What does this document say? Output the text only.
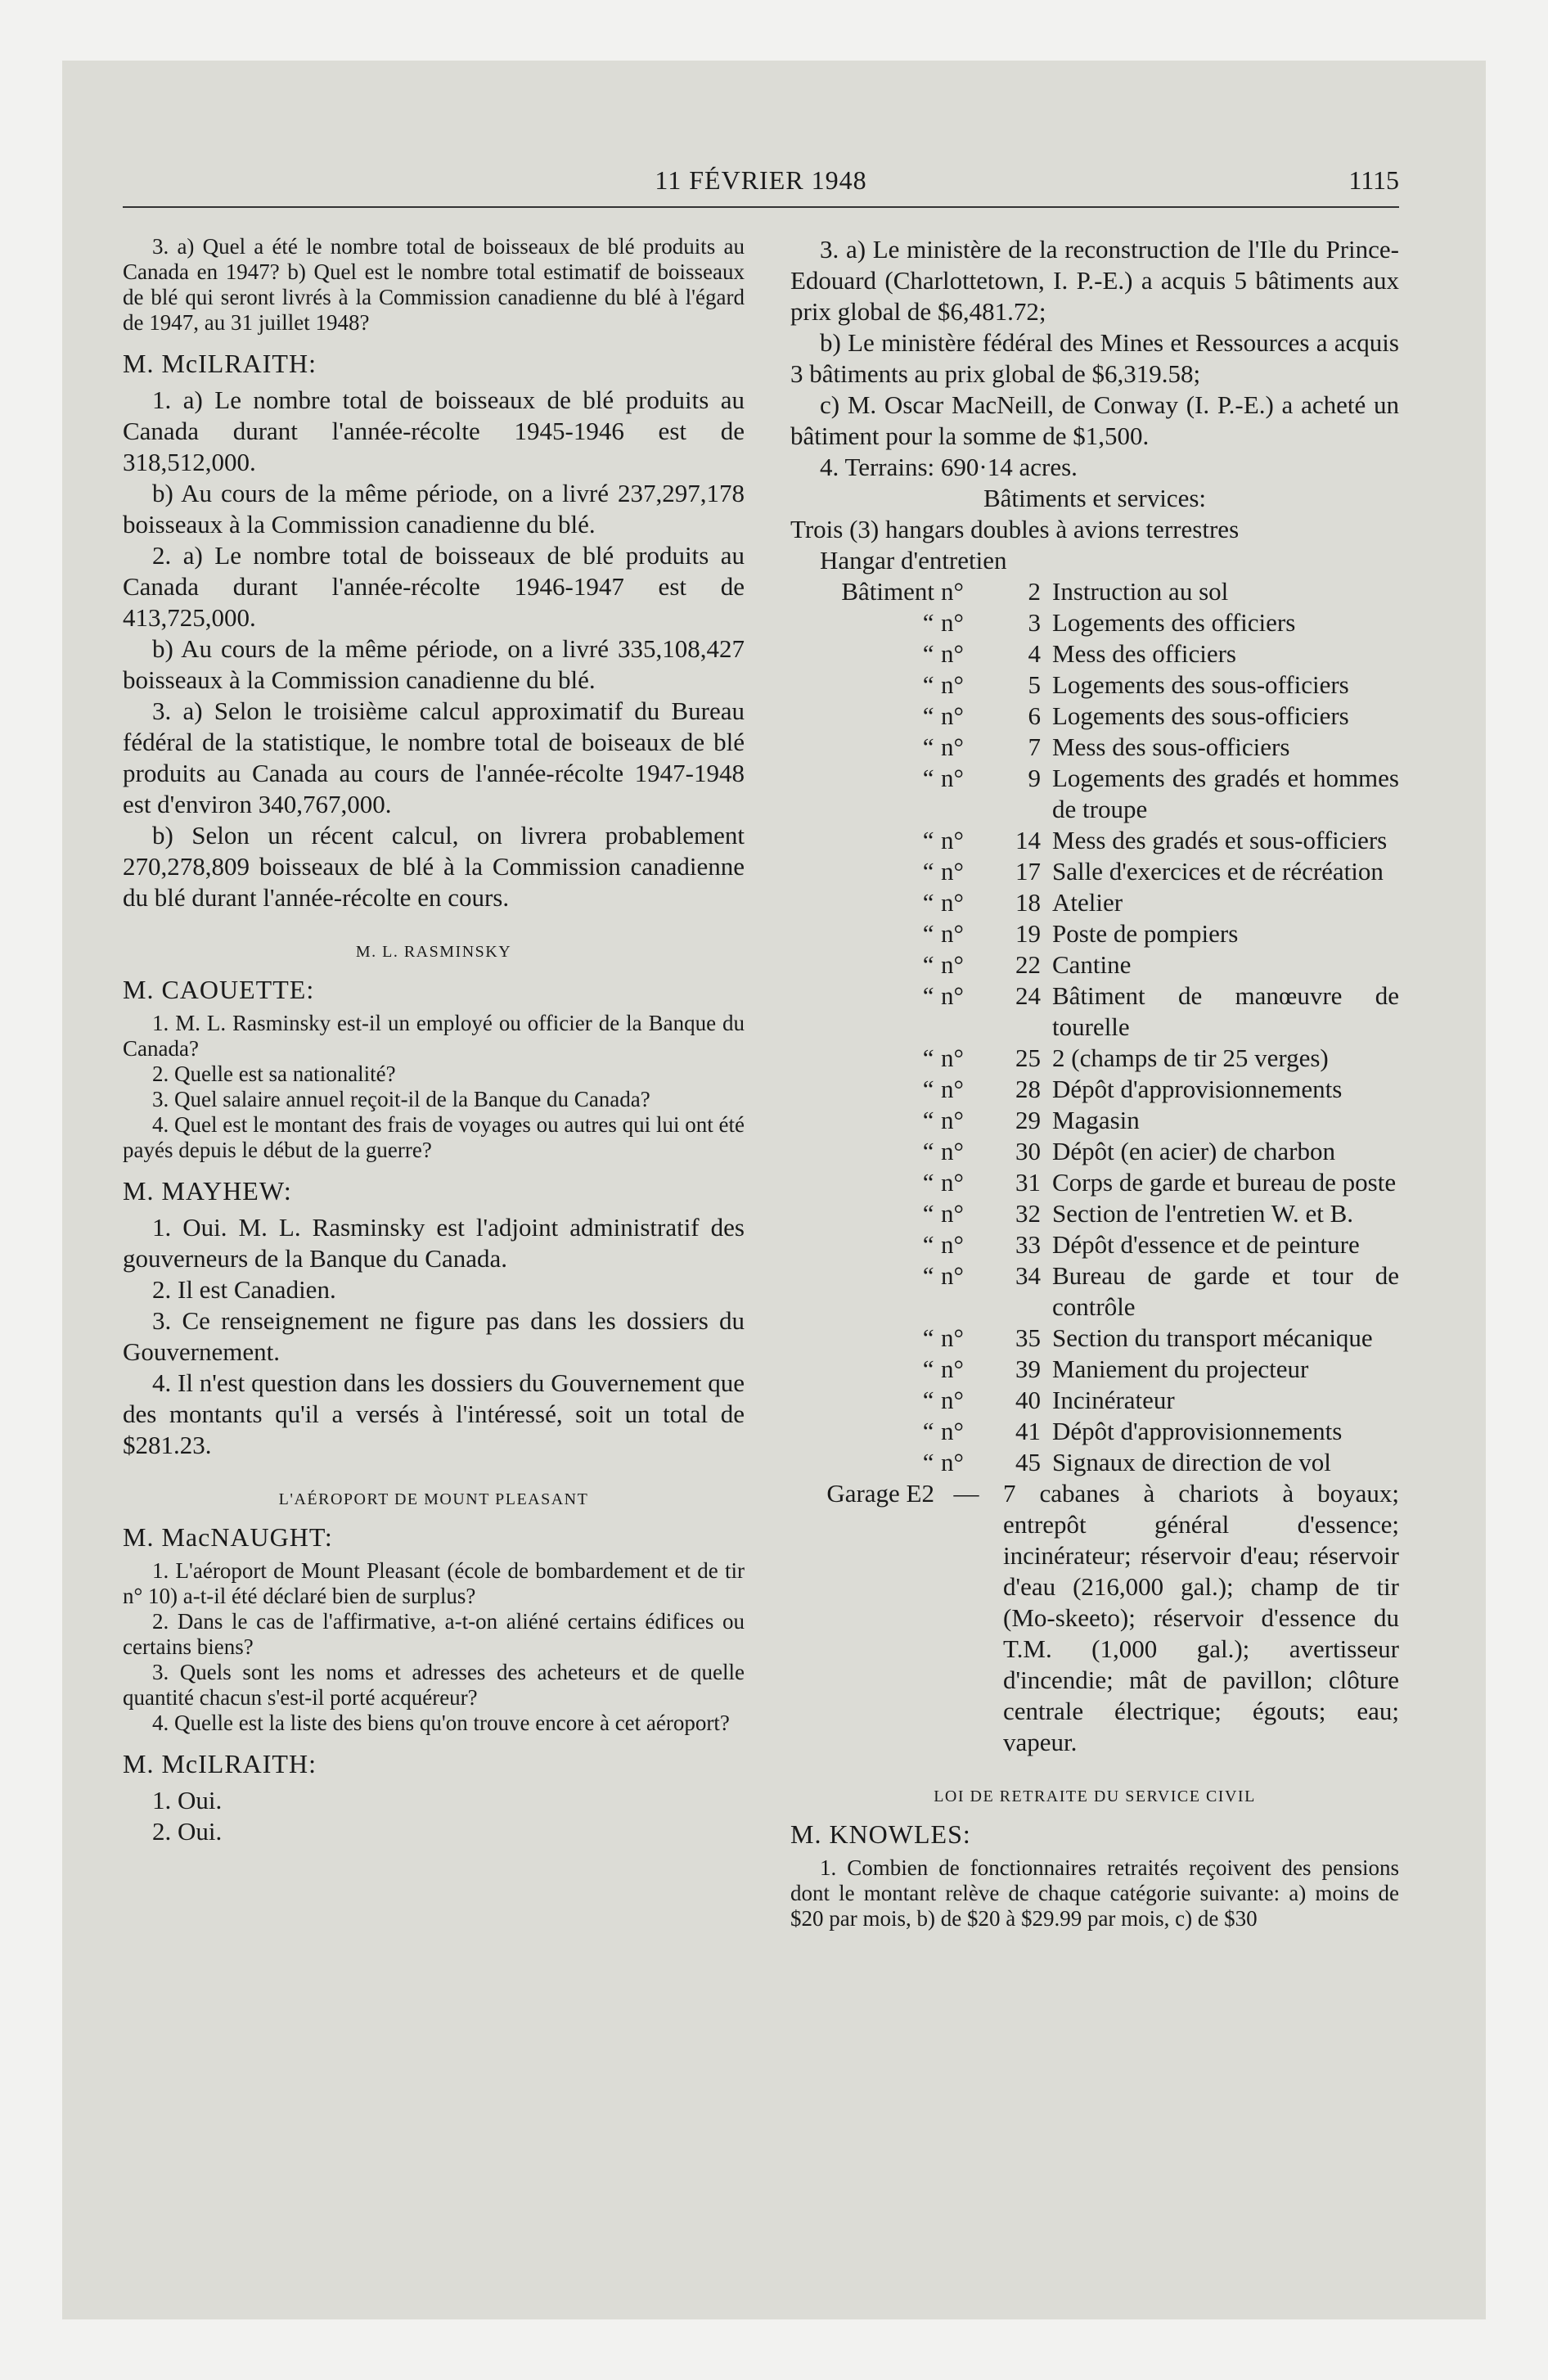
11 FÉVRIER 1948	1115

3. a) Quel a été le nombre total de boisseaux de blé produits au Canada en 1947? b) Quel est le nombre total estimatif de boisseaux de blé qui seront livrés à la Commission canadienne du blé à l'égard de 1947, au 31 juillet 1948?

M. McILRAITH:

1. a) Le nombre total de boisseaux de blé produits au Canada durant l'année-récolte 1945-1946 est de 318,512,000.

b) Au cours de la même période, on a livré 237,297,178 boisseaux à la Commission canadienne du blé.

2. a) Le nombre total de boisseaux de blé produits au Canada durant l'année-récolte 1946-1947 est de 413,725,000.

b) Au cours de la même période, on a livré 335,108,427 boisseaux à la Commission canadienne du blé.

3. a) Selon le troisième calcul approximatif du Bureau fédéral de la statistique, le nombre total de boiseaux de blé produits au Canada au cours de l'année-récolte 1947-1948 est d'environ 340,767,000.

b) Selon un récent calcul, on livrera probablement 270,278,809 boisseaux de blé à la Commission canadienne du blé durant l'année-récolte en cours.

M. L. RASMINSKY
M. CAOUETTE:

1. M. L. Rasminsky est-il un employé ou officier de la Banque du Canada?

2. Quelle est sa nationalité?

3. Quel salaire annuel reçoit-il de la Banque du Canada?

4. Quel est le montant des frais de voyages ou autres qui lui ont été payés depuis le début de la guerre?

M. MAYHEW:

1. Oui. M. L. Rasminsky est l'adjoint administratif des gouverneurs de la Banque du Canada.

2. Il est Canadien.

3. Ce renseignement ne figure pas dans les dossiers du Gouvernement.

4. Il n'est question dans les dossiers du Gouvernement que des montants qu'il a versés à l'intéressé, soit un total de $281.23.

L'AÉROPORT DE MOUNT PLEASANT
M. MacNAUGHT:

1. L'aéroport de Mount Pleasant (école de bombardement et de tir n° 10) a-t-il été déclaré bien de surplus?

2. Dans le cas de l'affirmative, a-t-on aliéné certains édifices ou certains biens?

3. Quels sont les noms et adresses des acheteurs et de quelle quantité chacun s'est-il porté acquéreur?

4. Quelle est la liste des biens qu'on trouve encore à cet aéroport?

M. McILRAITH:

1. Oui.

2. Oui.

3. a) Le ministère de la reconstruction de l'Ile du Prince-Edouard (Charlottetown, I. P.-E.) a acquis 5 bâtiments aux prix global de $6,481.72;

b) Le ministère fédéral des Mines et Ressources a acquis 3 bâtiments au prix global de $6,319.58;

c) M. Oscar MacNeill, de Conway (I. P.-E.) a acheté un bâtiment pour la somme de $1,500.

4. Terrains: 690·14 acres.

Bâtiments et services:

Trois (3) hangars doubles à avions terrestres

Hangar d'entretien

Bâtiment	n°	2	Instruction au sol
“	n°	3	Logements des officiers
“	n°	4	Mess des officiers
“	n°	5	Logements des sous-officiers
“	n°	6	Logements des sous-officiers
“	n°	7	Mess des sous-officiers
“	n°	9	Logements des gradés et hommes de troupe
“	n°	14	Mess des gradés et sous-officiers
“	n°	17	Salle d'exercices et de récréation
“	n°	18	Atelier
“	n°	19	Poste de pompiers
“	n°	22	Cantine
“	n°	24	Bâtiment de manœuvre de tourelle
“	n°	25	2 (champs de tir 25 verges)
“	n°	28	Dépôt d'approvisionnements
“	n°	29	Magasin
“	n°	30	Dépôt (en acier) de charbon
“	n°	31	Corps de garde et bureau de poste
“	n°	32	Section de l'entretien W. et B.
“	n°	33	Dépôt d'essence et de peinture
“	n°	34	Bureau de garde et tour de contrôle
“	n°	35	Section du transport mécanique
“	n°	39	Maniement du projecteur
“	n°	40	Incinérateur
“	n°	41	Dépôt d'approvisionnements
“	n°	45	Signaux de direction de vol
Garage E2	—	7 cabanes à chariots à boyaux; entrepôt général d'essence; incinérateur; réservoir d'eau; réservoir d'eau (216,000 gal.); champ de tir (Mo-skeeto); réservoir d'essence du T.M. (1,000 gal.); avertisseur d'incendie; mât de pavillon; clôture centrale électrique; égouts; eau; vapeur.	
LOI DE RETRAITE DU SERVICE CIVIL
M. KNOWLES:

1. Combien de fonctionnaires retraités reçoivent des pensions dont le montant relève de chaque catégorie suivante: a) moins de $20 par mois, b) de $20 à $29.99 par mois, c) de $30
